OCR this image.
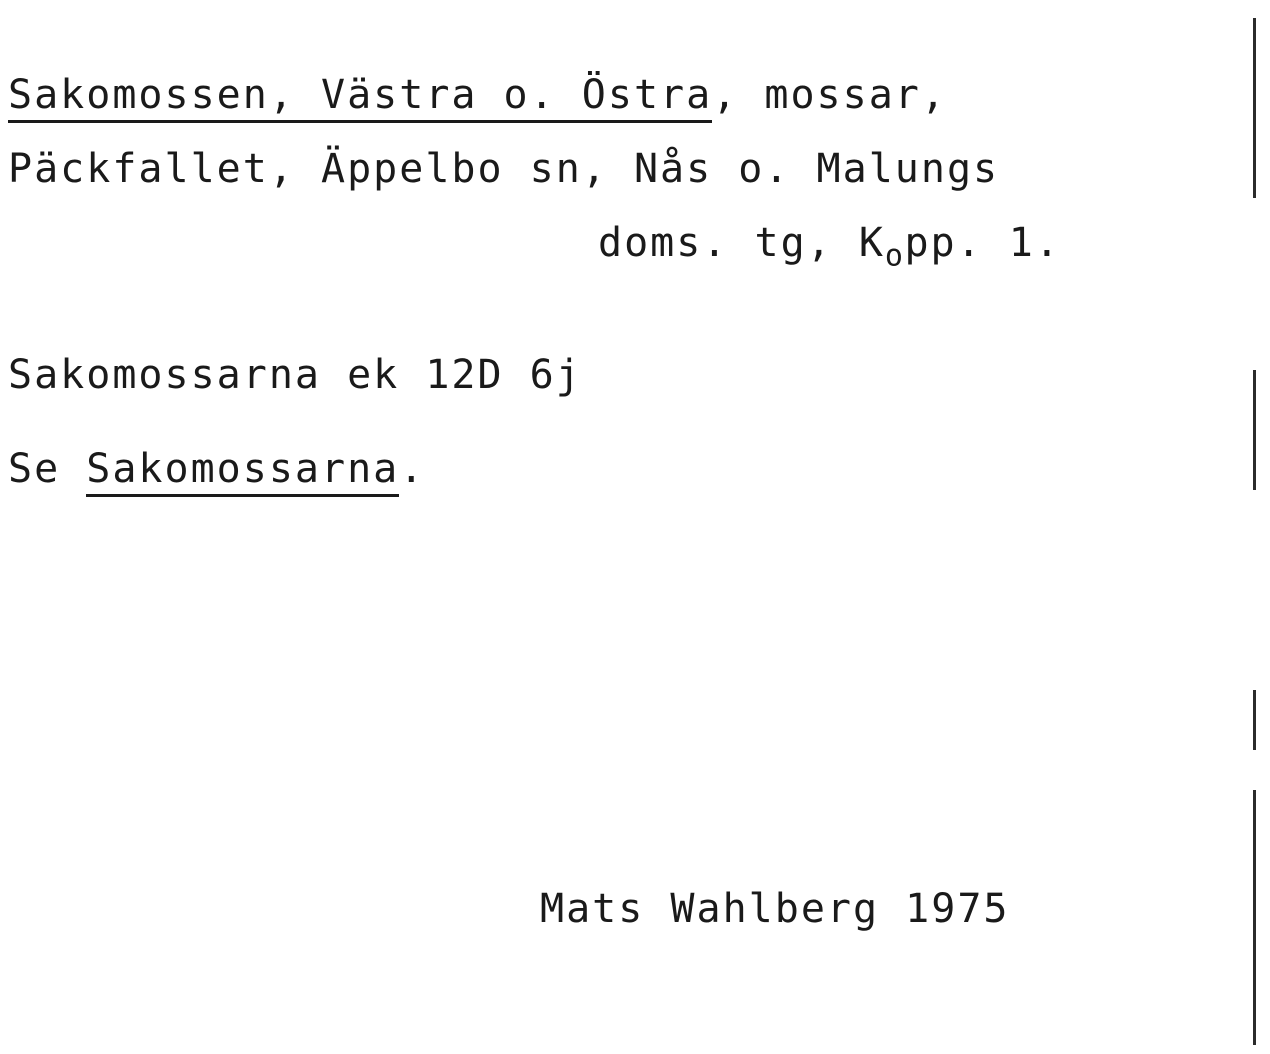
Sakomossen, Västra o. Östra, mossar,
Päckfallet, Äppelbo sn, Nås o. Malungs
doms. tg, $K_opp$. 1.
Sakomossarna ek 12D 6j
Se Sakomossarna.
Mats Wahlberg 1975
